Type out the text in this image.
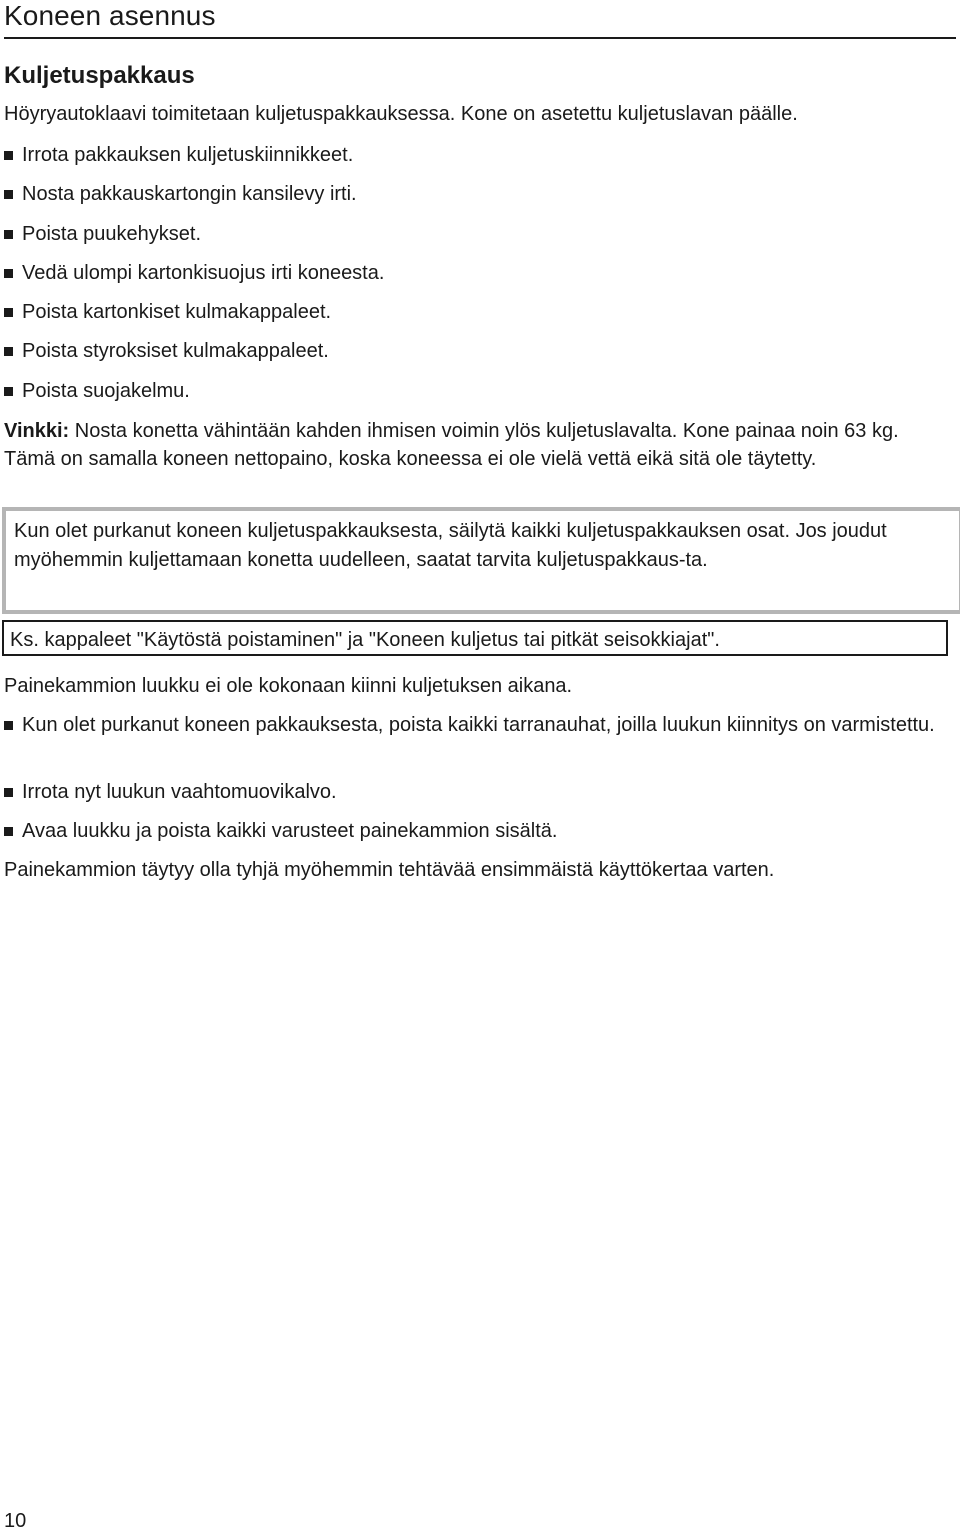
Koneen asennus
Kuljetuspakkaus

Höyryautoklaavi toimitetaan kuljetuspakkauksessa. Kone on asetettu kuljetuslavan päälle.

Irrota pakkauksen kuljetuskiinnikkeet.

Nosta pakkauskartongin kansilevy irti.

Poista puukehykset.

Vedä ulompi kartonkisuojus irti koneesta.

Poista kartonkiset kulmakappaleet.

Poista styroksiset kulmakappaleet.

Poista suojakelmu.

Vinkki: Nosta konetta vähintään kahden ihmisen voimin ylös kuljetuslavalta. Kone painaa noin 63 kg. Tämä on samalla koneen nettopaino, koska koneessa ei ole vielä vettä eikä sitä ole täytetty.

Kun olet purkanut koneen kuljetuspakkauksesta, säilytä kaikki kuljetuspakkauksen osat. Jos joudut myöhemmin kuljettamaan konetta uudelleen, saatat tarvita kuljetuspakkaus-ta.
Ks. kappaleet "Käytöstä poistaminen" ja "Koneen kuljetus tai pitkät seisokkiajat".

Painekammion luukku ei ole kokonaan kiinni kuljetuksen aikana.

Kun olet purkanut koneen pakkauksesta, poista kaikki tarranauhat, joilla luukun kiinnitys on varmistettu.

Irrota nyt luukun vaahtomuovikalvo.

Avaa luukku ja poista kaikki varusteet painekammion sisältä.

Painekammion täytyy olla tyhjä myöhemmin tehtävää ensimmäistä käyttökertaa varten.

10
